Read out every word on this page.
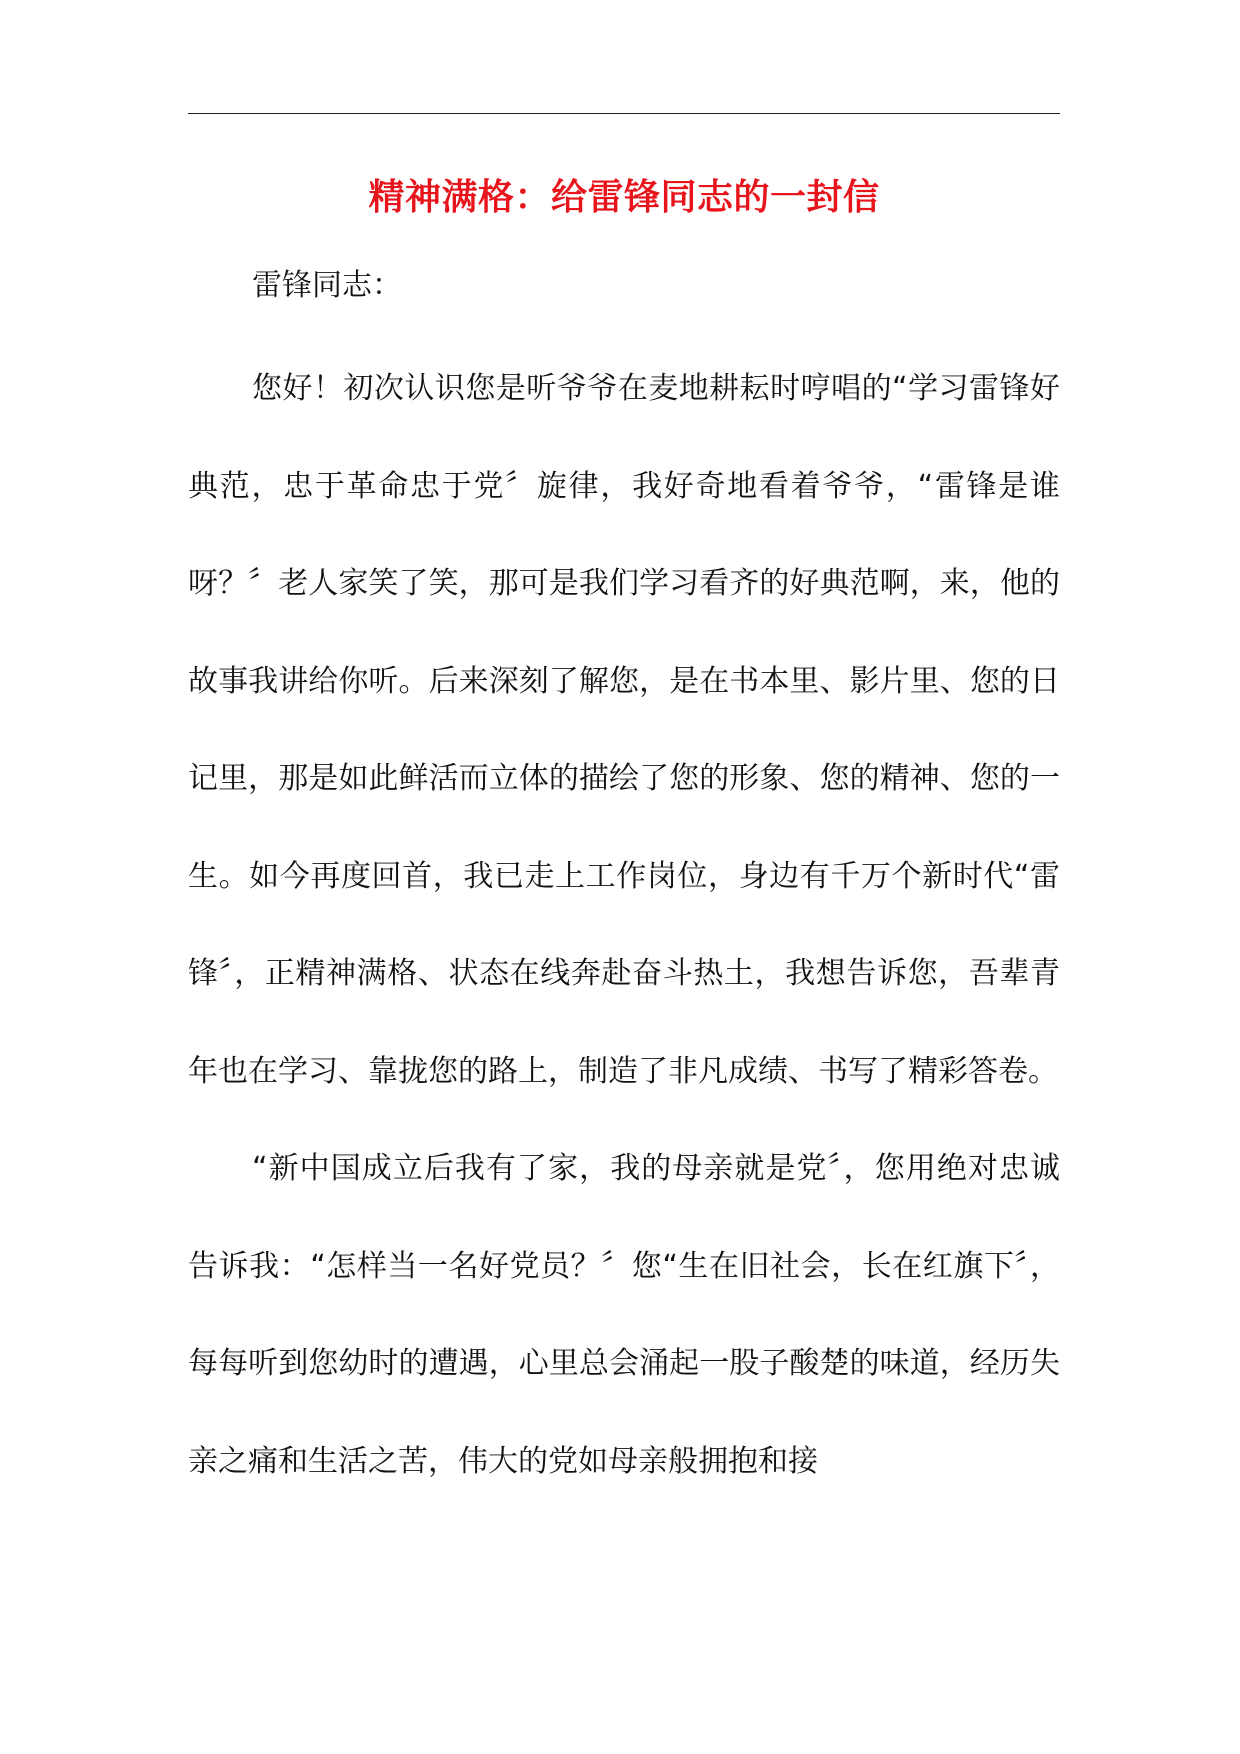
精神满格：给雷锋同志的一封信

雷锋同志：

您好！初次认识您是听爷爷在麦地耕耘时哼唱的“学习雷锋好典范，忠于革命忠于党〞旋律，我好奇地看着爷爷，“雷锋是谁呀？〞老人家笑了笑，那可是我们学习看齐的好典范啊，来，他的故事我讲给你听。后来深刻了解您，是在书本里、影片里、您的日记里，那是如此鲜活而立体的描绘了您的形象、您的精神、您的一生。如今再度回首，我已走上工作岗位，身边有千万个新时代“雷锋〞，正精神满格、状态在线奔赴奋斗热土，我想告诉您，吾辈青年也在学习、靠拢您的路上，制造了非凡成绩、书写了精彩答卷。

“新中国成立后我有了家，我的母亲就是党〞，您用绝对忠诚告诉我：“怎样当一名好党员？〞您“生在旧社会，长在红旗下〞，每每听到您幼时的遭遇，心里总会涌起一股子酸楚的味道，经历失亲之痛和生活之苦，伟大的党如母亲般拥抱和接
